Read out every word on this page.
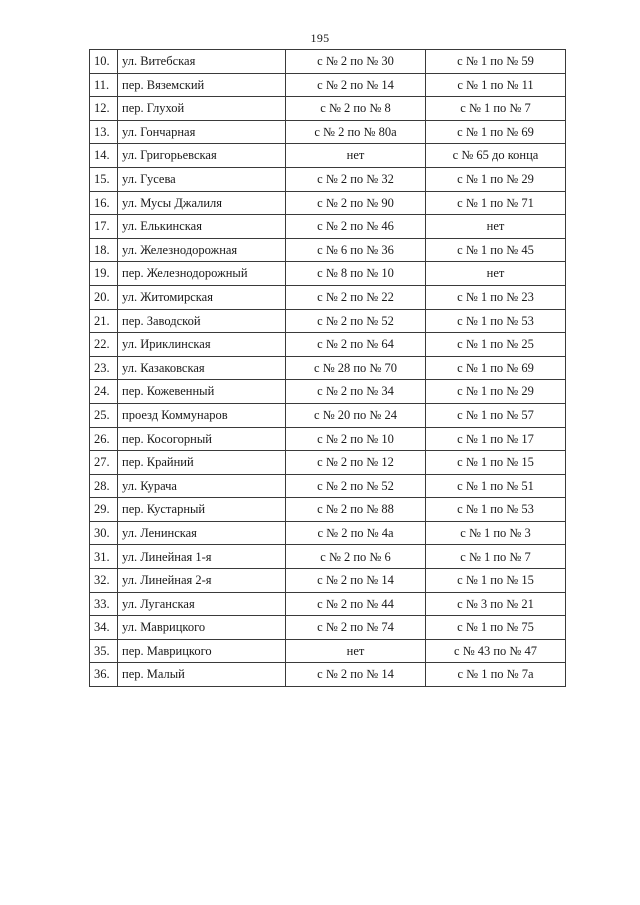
195
10.	ул. Витебская	с № 2 по № 30	с № 1 по № 59
11.	пер. Вяземский	с № 2 по № 14	с № 1 по № 11
12.	пер. Глухой	с № 2 по № 8	с № 1 по № 7
13.	ул. Гончарная	с № 2 по № 80а	с № 1 по № 69
14.	ул. Григорьевская	нет	с № 65 до конца
15.	ул. Гусева	с № 2 по № 32	с № 1 по № 29
16.	ул. Мусы Джалиля	с № 2 по № 90	с № 1 по № 71
17.	ул. Елькинская	с № 2 по № 46	нет
18.	ул. Железнодорожная	с № 6 по № 36	с № 1 по № 45
19.	пер. Железнодорожный	с № 8 по № 10	нет
20.	ул. Житомирская	с № 2 по № 22	с № 1 по № 23
21.	пер. Заводской	с № 2 по № 52	с № 1 по № 53
22.	ул. Ириклинская	с № 2 по № 64	с № 1 по № 25
23.	ул. Казаковская	с № 28 по № 70	с № 1 по № 69
24.	пер. Кожевенный	с № 2 по № 34	с № 1 по № 29
25.	проезд Коммунаров	с № 20 по № 24	с № 1 по № 57
26.	пер. Косогорный	с № 2 по № 10	с № 1 по № 17
27.	пер. Крайний	с № 2 по № 12	с № 1 по № 15
28.	ул. Курача	с № 2 по № 52	с № 1 по № 51
29.	пер. Кустарный	с № 2 по № 88	с № 1 по № 53
30.	ул. Ленинская	с № 2 по № 4а	с № 1 по № 3
31.	ул. Линейная 1-я	с № 2 по № 6	с № 1 по № 7
32.	ул. Линейная 2-я	с № 2 по № 14	с № 1 по № 15
33.	ул. Луганская	с № 2 по № 44	с № 3 по № 21
34.	ул. Маврицкого	с № 2 по № 74	с № 1 по № 75
35.	пер. Маврицкого	нет	с № 43 по № 47
36.	пер. Малый	с № 2 по № 14	с № 1 по № 7а
